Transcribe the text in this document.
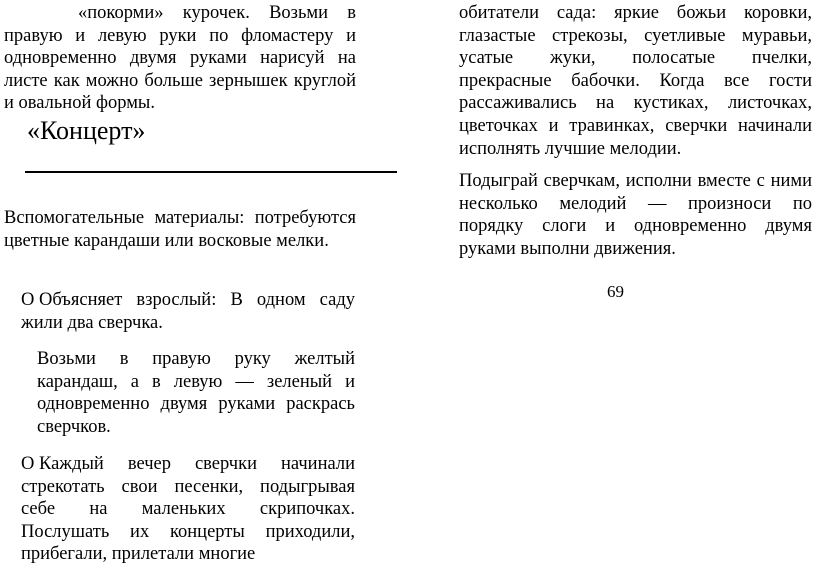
«покорми» курочек. Возьми в правую и левую руки по фломастеру и одновременно двумя руками нарисуй на листе как можно больше зернышек круглой и овальной формы.

«Концерт»

Вспомогательные материалы: потребуются цветные карандаши или восковые мелки.

О Объясняет взрослый: В одном саду жили два сверчка.

Возьми в правую руку желтый карандаш, а в левую — зеленый и одновременно двумя руками раскрась сверчков.

О Каждый вечер сверчки начинали стрекотать свои песенки, подыгрывая себе на маленьких скрипочках. Послушать их концерты приходили, прибегали, прилетали многие

обитатели сада: яркие божьи коровки, глазастые стрекозы, суетливые муравьи, усатые жуки, полосатые пчелки, прекрасные бабочки. Когда все гости рассаживались на кустиках, листочках, цветочках и травинках, сверчки начинали исполнять лучшие мелодии.

Подыграй сверчкам, исполни вместе с ними несколько мелодий — произноси по порядку слоги и одновременно двумя руками выполни движения.

69
